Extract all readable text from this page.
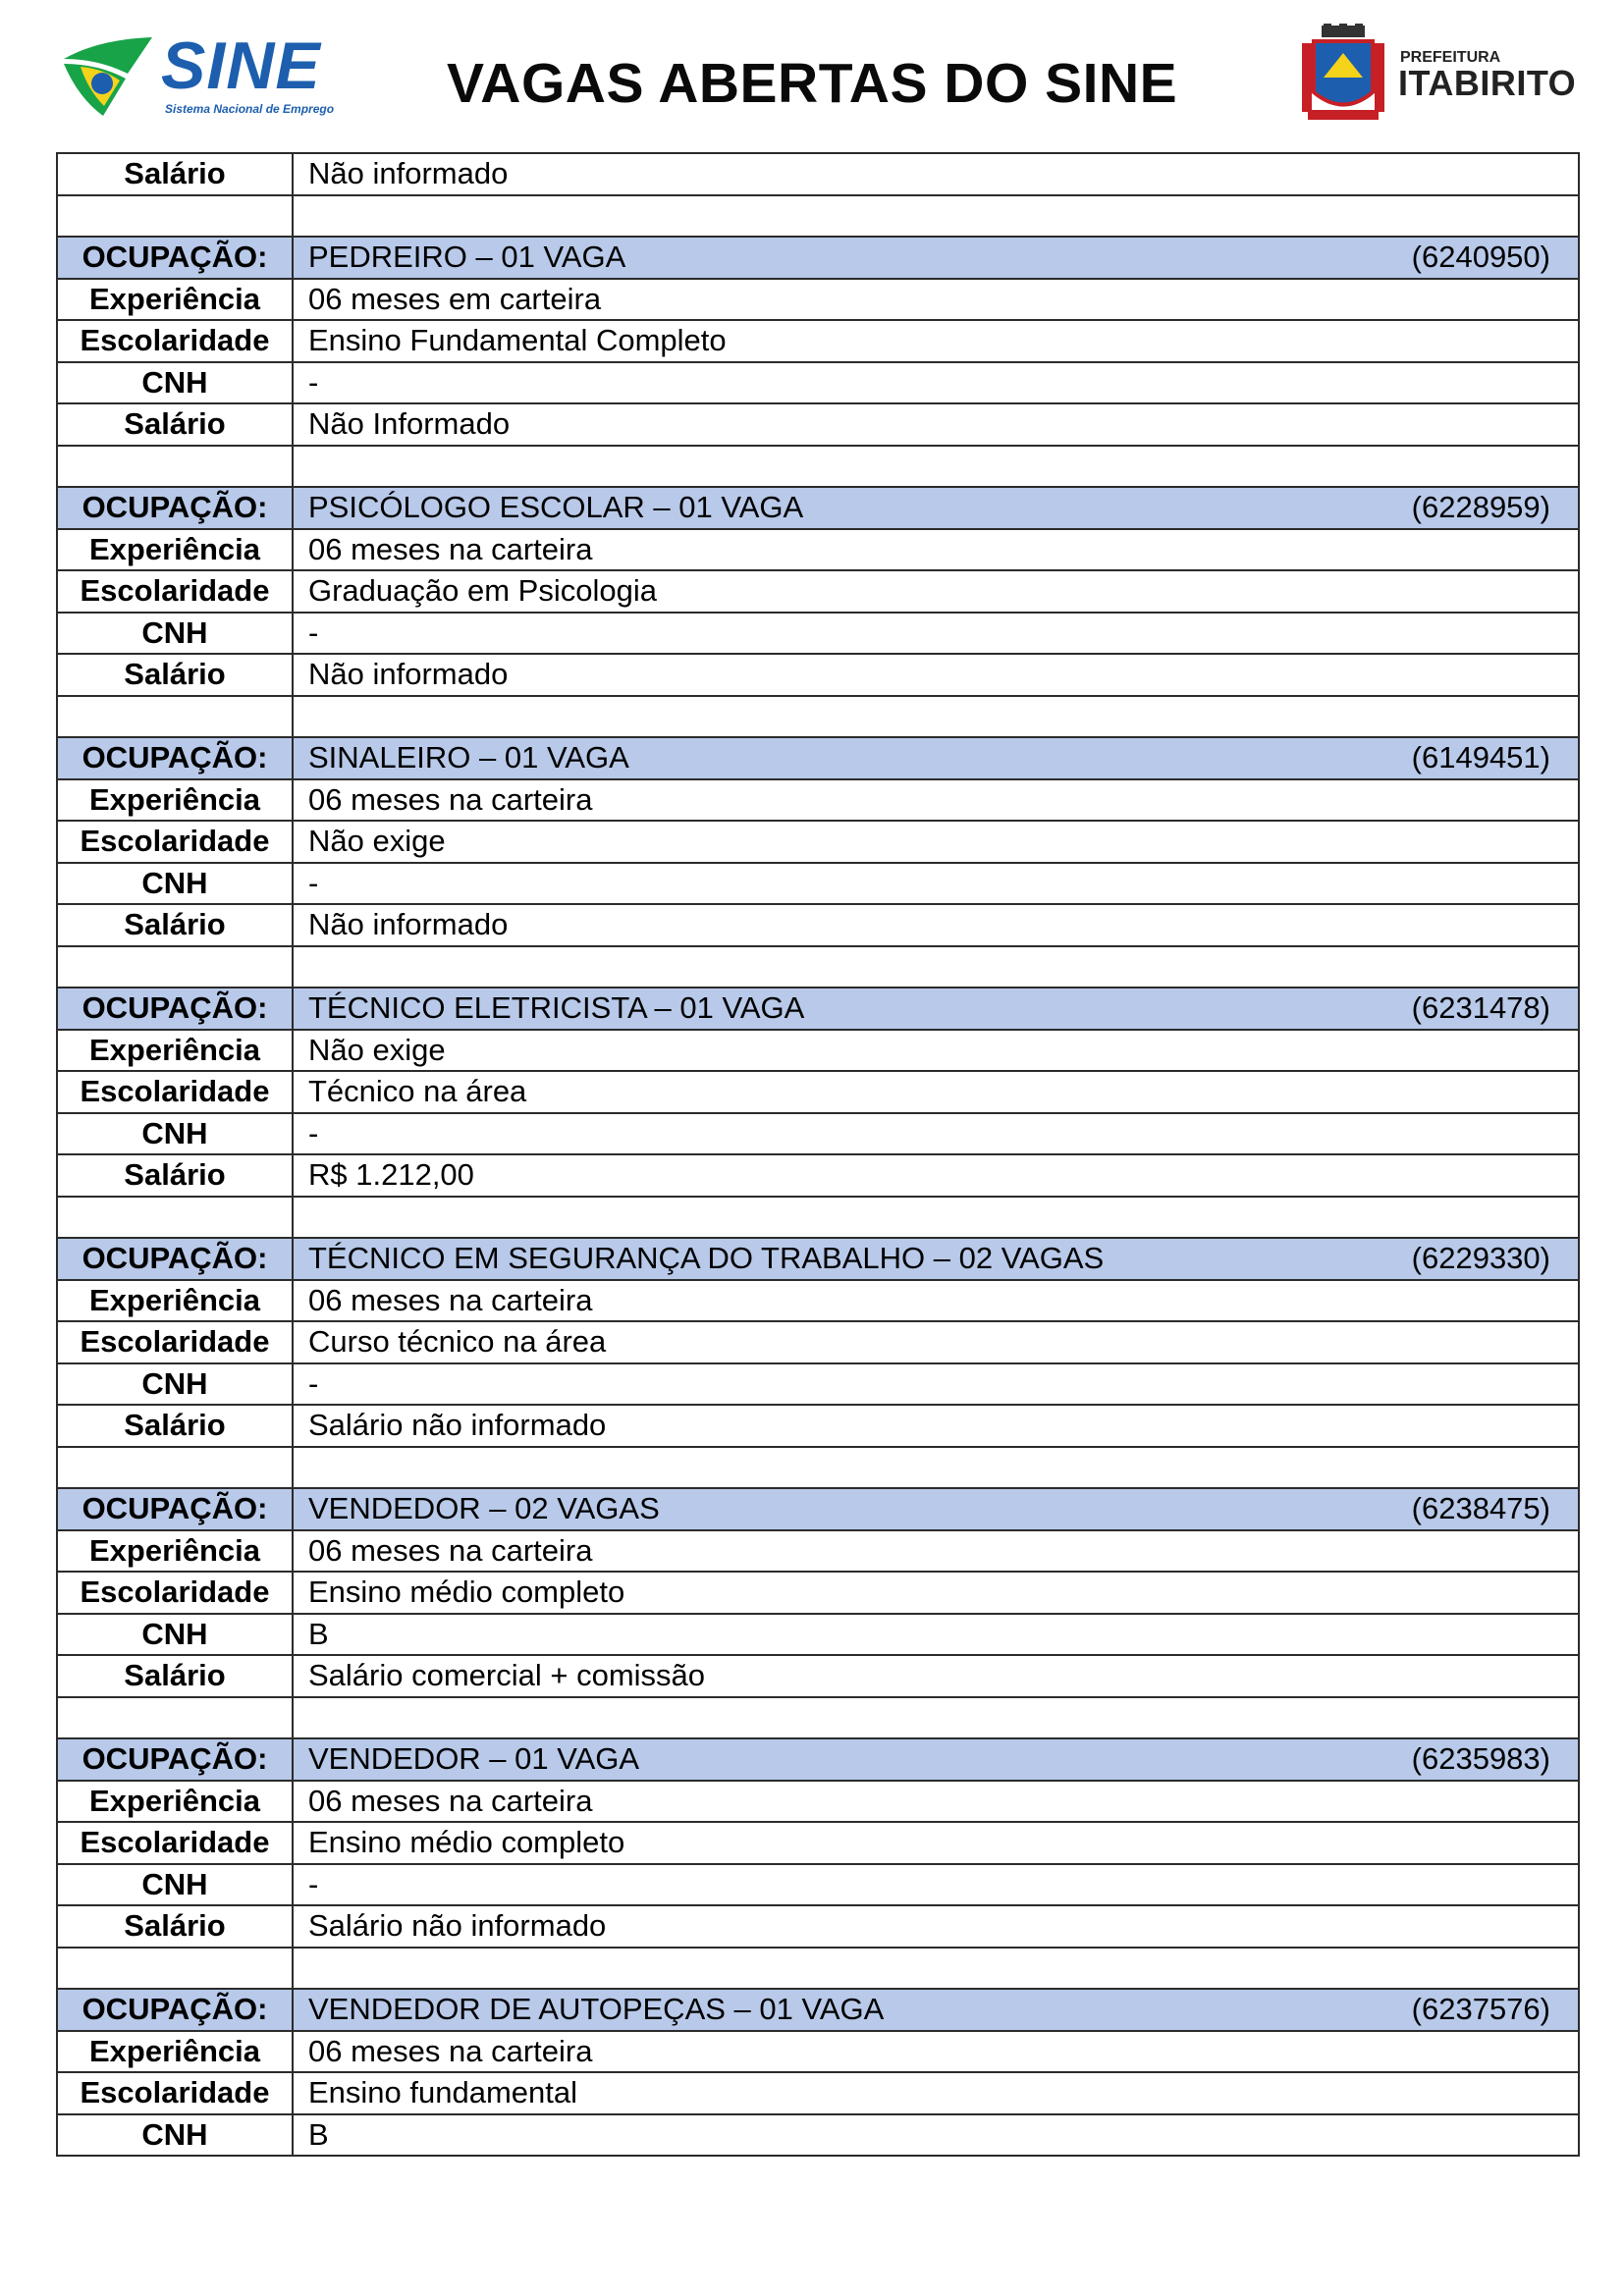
SINE
Sistema Nacional de Emprego VAGAS ABERTAS DO SINE	PREFEITURA
ITABIRITO
Salário	Não informado

OCUPAÇÃO:	PEDREIRO – 01 VAGA (6240950)

Experiência	06 meses em carteira
Escolaridade	Ensino Fundamental Completo
CNH	-
Salário	Não Informado

OCUPAÇÃO:	PSICÓLOGO ESCOLAR – 01 VAGA (6228959)

Experiência	06 meses na carteira
Escolaridade	Graduação em Psicologia
CNH	-
Salário	Não informado

OCUPAÇÃO:	SINALEIRO – 01 VAGA (6149451)

Experiência	06 meses na carteira
Escolaridade	Não exige
CNH	-
Salário	Não informado

OCUPAÇÃO:	TÉCNICO ELETRICISTA – 01 VAGA (6231478)

Experiência	Não exige
Escolaridade	Técnico na área
CNH	-
Salário	R$ 1.212,00

OCUPAÇÃO:	TÉCNICO EM SEGURANÇA DO TRABALHO – 02 VAGAS (6229330)

Experiência	06 meses na carteira
Escolaridade	Curso técnico na área
CNH	-
Salário	Salário não informado

OCUPAÇÃO:	VENDEDOR – 02 VAGAS (6238475)

Experiência	06 meses na carteira
Escolaridade	Ensino médio completo
CNH	B
Salário	Salário comercial + comissão

OCUPAÇÃO:	VENDEDOR – 01 VAGA (6235983)

Experiência	06 meses na carteira
Escolaridade	Ensino médio completo
CNH	-
Salário	Salário não informado

OCUPAÇÃO:	VENDEDOR DE AUTOPEÇAS – 01 VAGA (6237576)

Experiência	06 meses na carteira
Escolaridade	Ensino fundamental
CNH	B
